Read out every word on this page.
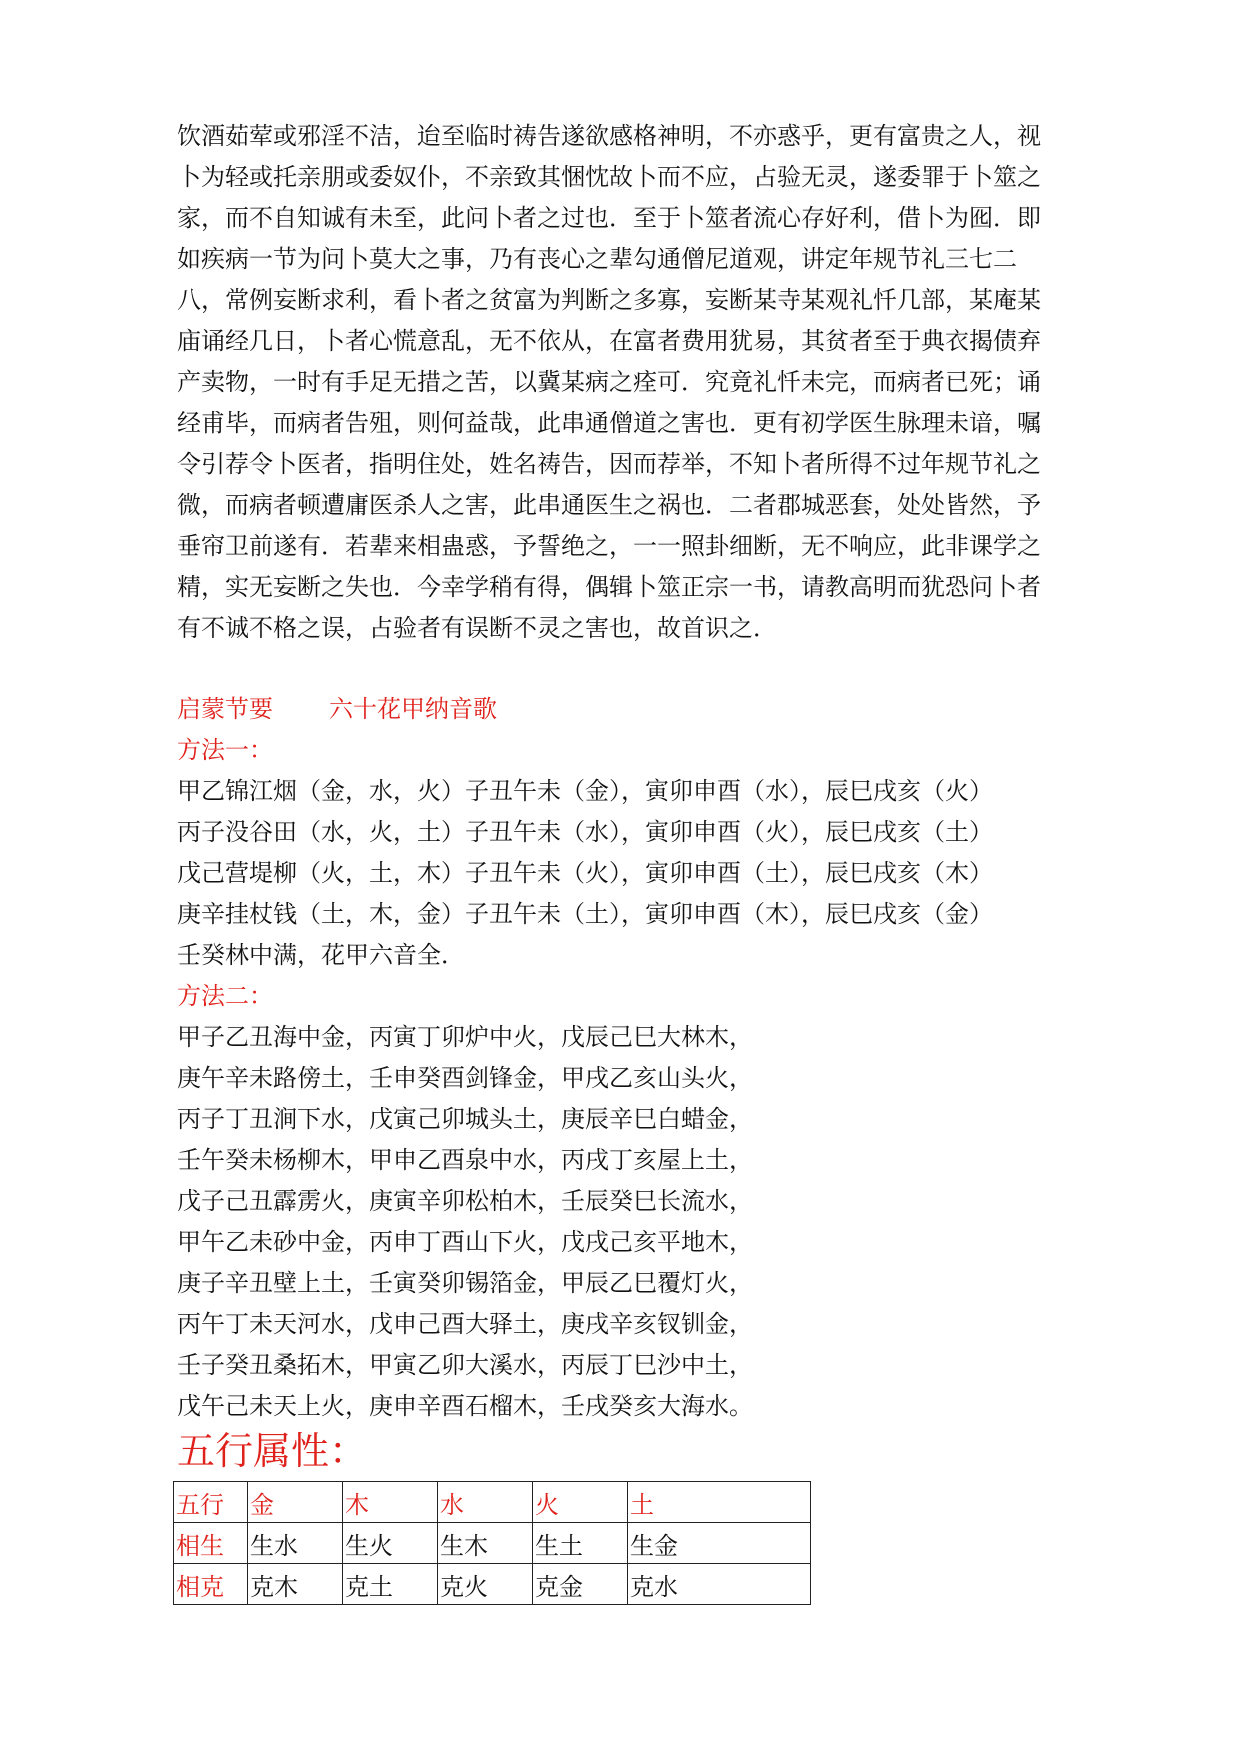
饮酒茹荤或邪淫不洁，迨至临时祷告遂欲感格神明，不亦惑乎，更有富贵之人，视
卜为轻或托亲朋或委奴仆，不亲致其悃忱故卜而不应，占验无灵，遂委罪于卜筮之
家，而不自知诚有未至，此问卜者之过也．至于卜筮者流心存好利，借卜为囮．即
如疾病一节为问卜莫大之事，乃有丧心之辈勾通僧尼道观，讲定年规节礼三七二
八，常例妄断求利，看卜者之贫富为判断之多寡，妄断某寺某观礼忏几部，某庵某
庙诵经几日，卜者心慌意乱，无不依从，在富者费用犹易，其贫者至于典衣揭债弃
产卖物，一时有手足无措之苦，以冀某病之痊可．究竟礼忏未完，而病者已死；诵
经甫毕，而病者告殂，则何益哉，此串通僧道之害也．更有初学医生脉理未谙，嘱
令引荐令卜医者，指明住处，姓名祷告，因而荐举，不知卜者所得不过年规节礼之
微，而病者顿遭庸医杀人之害，此串通医生之祸也．二者郡城恶套，处处皆然，予
垂帘卫前遂有．若辈来相蛊惑，予誓绝之，一一照卦细断，无不响应，此非课学之
精，实无妄断之失也．今幸学稍有得，偶辑卜筮正宗一书，请教高明而犹恐问卜者
有不诚不格之误，占验者有误断不灵之害也，故首识之．
启蒙节要 六十花甲纳音歌
方法一：
甲乙锦江烟（金，水，火）子丑午未（金），寅卯申酉（水），辰巳戌亥（火）
丙子没谷田（水，火，土）子丑午未（水），寅卯申酉（火），辰巳戌亥（土）
戊己营堤柳（火，土，木）子丑午未（火），寅卯申酉（土），辰巳戌亥（木）
庚辛挂杖钱（土，木，金）子丑午未（土），寅卯申酉（木），辰巳戌亥（金）
壬癸林中满，花甲六音全．
方法二：
甲子乙丑海中金，丙寅丁卯炉中火，戊辰己巳大林木，
庚午辛未路傍土，壬申癸酉剑锋金，甲戌乙亥山头火，
丙子丁丑涧下水，戊寅己卯城头土，庚辰辛巳白蜡金，
壬午癸未杨柳木，甲申乙酉泉中水，丙戌丁亥屋上土，
戊子己丑霹雳火，庚寅辛卯松柏木，壬辰癸巳长流水，
甲午乙未砂中金，丙申丁酉山下火，戊戌己亥平地木，
庚子辛丑壁上土，壬寅癸卯锡箔金，甲辰乙巳覆灯火，
丙午丁未天河水，戊申己酉大驿土，庚戌辛亥钗钏金，
壬子癸丑桑拓木，甲寅乙卯大溪水，丙辰丁巳沙中土，
戊午己未天上火，庚申辛酉石榴木，壬戌癸亥大海水。
五行属性：
五行	金	木	水	火	土
相生	生水	生火	生木	生土	生金
相克	克木	克土	克火	克金	克水
